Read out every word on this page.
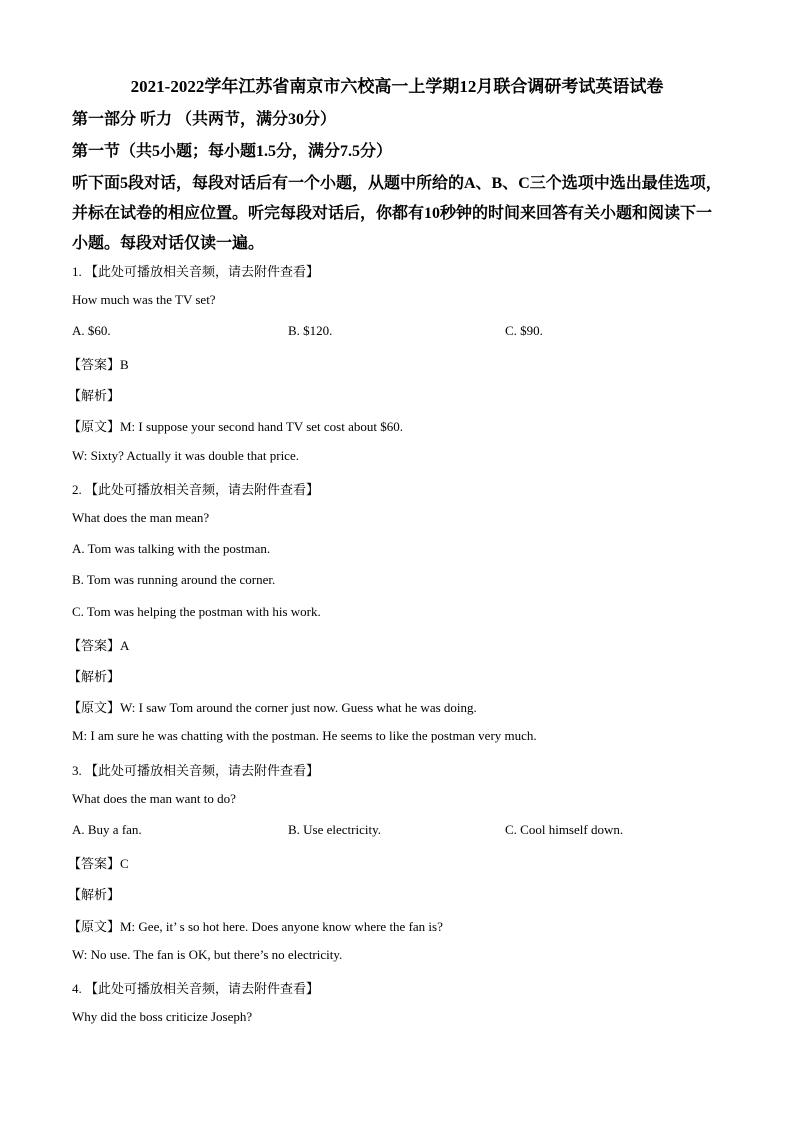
2021-2022学年江苏省南京市六校高一上学期12月联合调研考试英语试卷
第一部分 听力 （共两节，满分30分）
第一节（共5小题；每小题1.5分，满分7.5分）
听下面5段对话，每段对话后有一个小题，从题中所给的A、B、C三个选项中选出最佳选项，
并标在试卷的相应位置。听完每段对话后，你都有10秒钟的时间来回答有关小题和阅读下一
小题。每段对话仅读一遍。
1. 【此处可播放相关音频，请去附件查看】
How much was the TV set?
A. $60.	B. $120.	C. $90.
【答案】B
【解析】
【原文】M: I suppose your second hand TV set cost about $60.
W: Sixty? Actually it was double that price.
2. 【此处可播放相关音频，请去附件查看】
What does the man mean?
A. Tom was talking with the postman.
B. Tom was running around the corner.
C. Tom was helping the postman with his work.
【答案】A
【解析】
【原文】W: I saw Tom around the corner just now. Guess what he was doing.
M: I am sure he was chatting with the postman. He seems to like the postman very much.
3. 【此处可播放相关音频，请去附件查看】
What does the man want to do?
A. Buy a fan.	B. Use electricity.	C. Cool himself down.
【答案】C
【解析】
【原文】M: Gee, it’ s so hot here. Does anyone know where the fan is?
W: No use. The fan is OK, but there’s no electricity.
4. 【此处可播放相关音频，请去附件查看】
Why did the boss criticize Joseph?
